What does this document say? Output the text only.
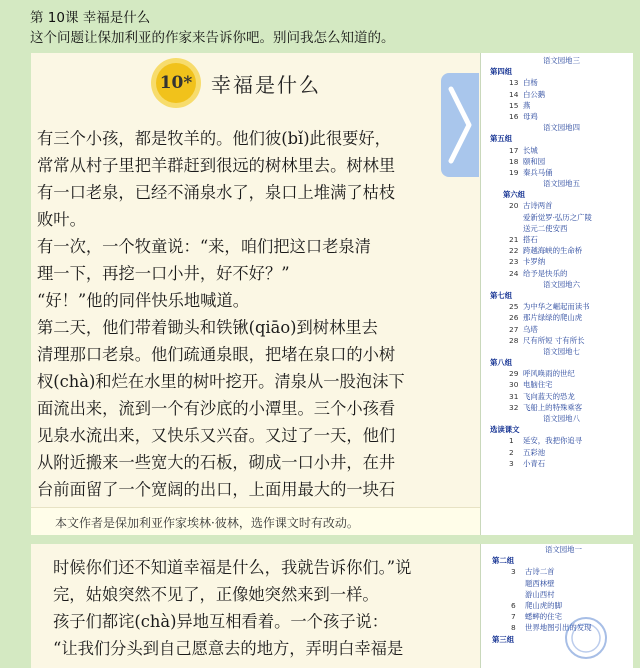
第 10课 幸福是什么
这个问题让保加利亚的作家来告诉你吧。别问我怎么知道的。
10* 幸福是什么

有三个小孩，都是牧羊的。他们彼(bǐ)此很要好，

常常从村子里把羊群赶到很远的树林里去。树林里

有一口老泉，已经不涌泉水了，泉口上堆满了枯枝

败叶。

有一次，一个牧童说：“来，咱们把这口老泉清

理一下，再挖一口小井，好不好？”

“好！”他的同伴快乐地喊道。

第二天，他们带着锄头和铁锹(qiāo)到树林里去

清理那口老泉。他们疏通泉眼，把堵在泉口的小树

杈(chà)和烂在水里的树叶挖开。清泉从一股泡沫下

面流出来，流到一个有沙底的小潭里。三个小孩看

见泉水流出来，又快乐又兴奋。又过了一天，他们

从附近搬来一些宽大的石板，砌成一口小井，在井

台前面留了一个宽阔的出口，上面用最大的一块石

本文作者是保加利亚作家埃林·彼林，选作课文时有改动。
语文园地三
第四组
13 白杨
14 白公鹅
15 燕
16 母鸡
语文园地四
第五组
17 长城
18 颐和园
19 秦兵马俑
语文园地五
第六组
20 古诗两首
爱新觉罗·弘历之广陵
送元二使安西
21 搭石
22 跨越海峡的生命桥
23 卡罗纳
24 给予是快乐的
语文园地六
第七组
25 为中华之崛起而读书
26 那片绿绿的爬山虎
27 乌塔
28 尺有所短 寸有所长
语文园地七
第八组
29 呼风唤雨的世纪
30 电脑住宅
31 飞向蓝天的恐龙
32 飞船上的特殊乘客
语文园地八
选读课文
1 延安，我把你追寻
2 五彩池
3 小青石

时候你们还不知道幸福是什么，我就告诉你们。”说

完，姑娘突然不见了，正像她突然来到一样。

孩子们都诧(chà)异地互相看着。一个孩子说：

“让我们分头到自己愿意去的地方，弄明白幸福是

语文园地一
第二组
3 古诗二首
题西林壁
游山西村
6 爬山虎的脚
7 蟋蟀的住宅
8 世界地图引出的发现
第三组
